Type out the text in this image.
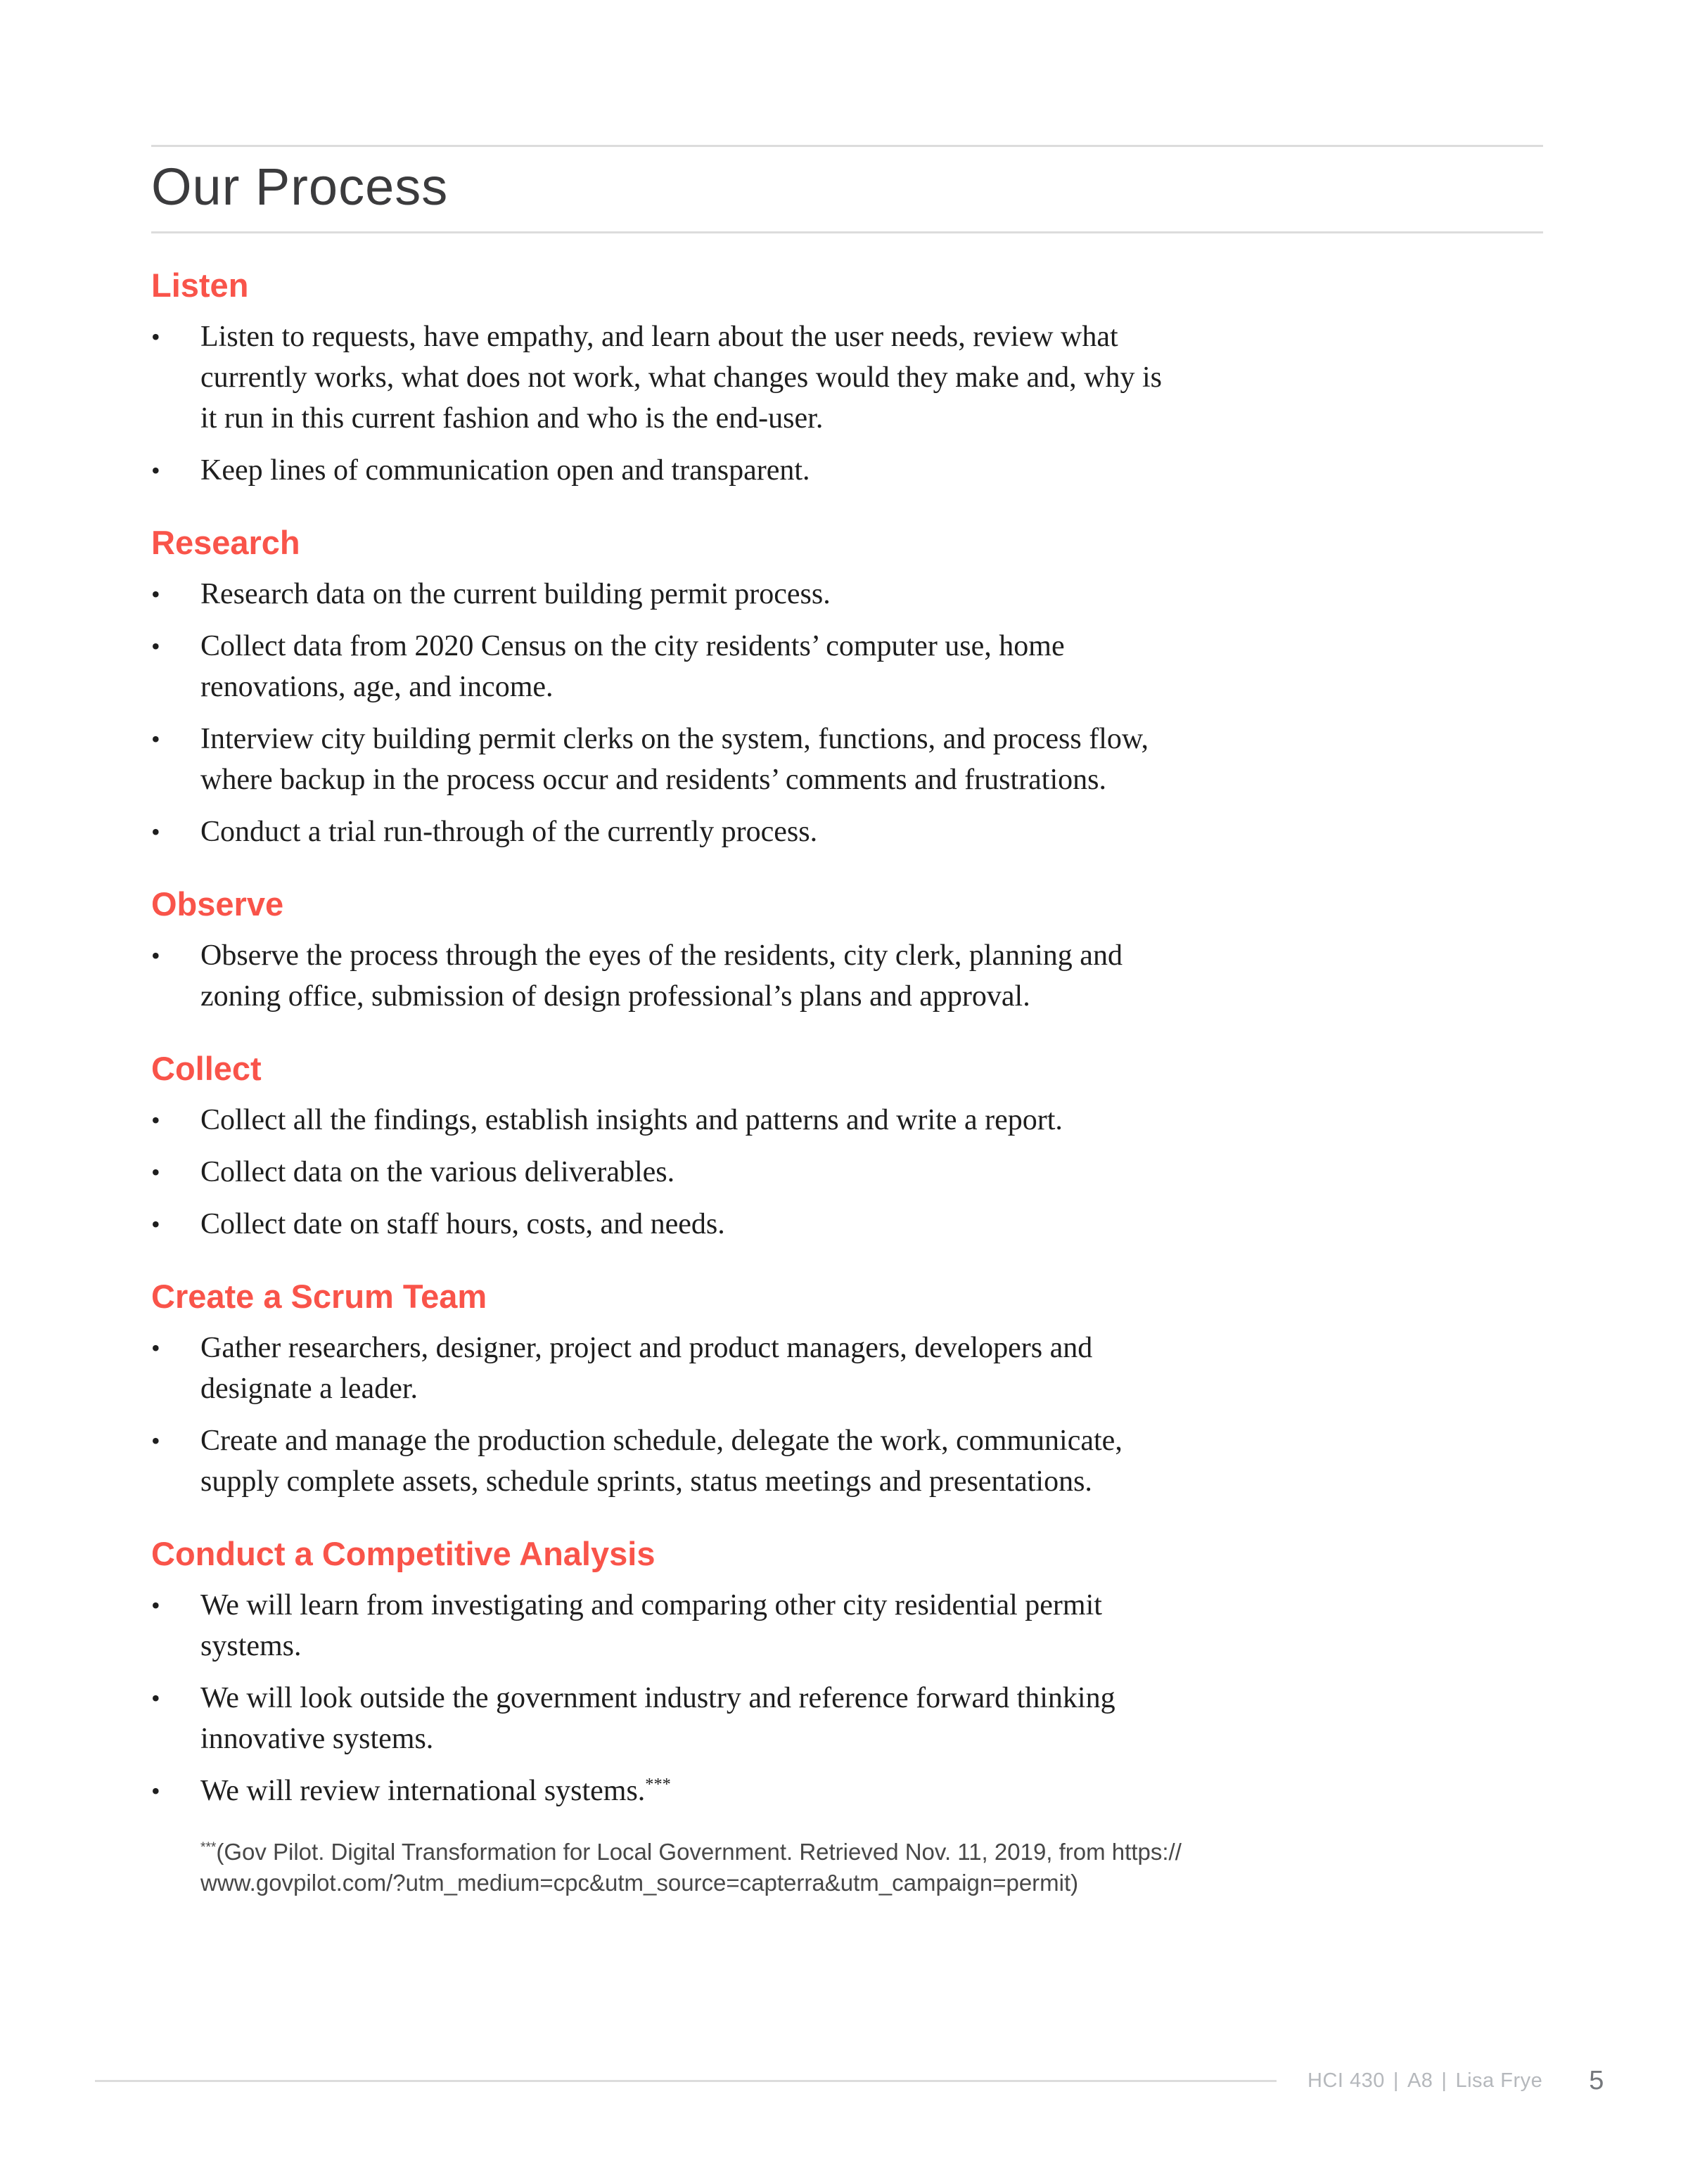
Our Process
Listen
•	Listen to requests, have empathy, and learn about the user needs, review what
currently works, what does not work, what changes would they make and, why is
it run in this current fashion and who is the end-user.
•	Keep lines of communication open and transparent.
Research
•	Research data on the current building permit process.
•	Collect data from 2020 Census on the city residents’ computer use, home
renovations, age, and income.
•	Interview city building permit clerks on the system, functions, and process flow,
where backup in the process occur and residents’ comments and frustrations.
•	Conduct a trial run-through of the currently process.
Observe
•	Observe the process through the eyes of the residents, city clerk, planning and
zoning office, submission of design professional’s plans and approval.
Collect
•	Collect all the findings, establish insights and patterns and write a report.
•	Collect data on the various deliverables.
•	Collect date on staff hours, costs, and needs.
Create a Scrum Team
•	Gather researchers, designer, project and product managers, developers and
designate a leader.
•	Create and manage the production schedule, delegate the work, communicate,
supply complete assets, schedule sprints, status meetings and presentations.
Conduct a Competitive Analysis
•	We will learn from investigating and comparing other city residential permit
systems.
•	We will look outside the government industry and reference forward thinking
innovative systems.
•	We will review international systems.***

***(Gov Pilot. Digital Transformation for Local Government. Retrieved Nov. 11, 2019, from https://
www.govpilot.com/?utm_medium=cpc&utm_source=capterra&utm_campaign=permit)

HCI 430 | A8 | Lisa Frye 5
